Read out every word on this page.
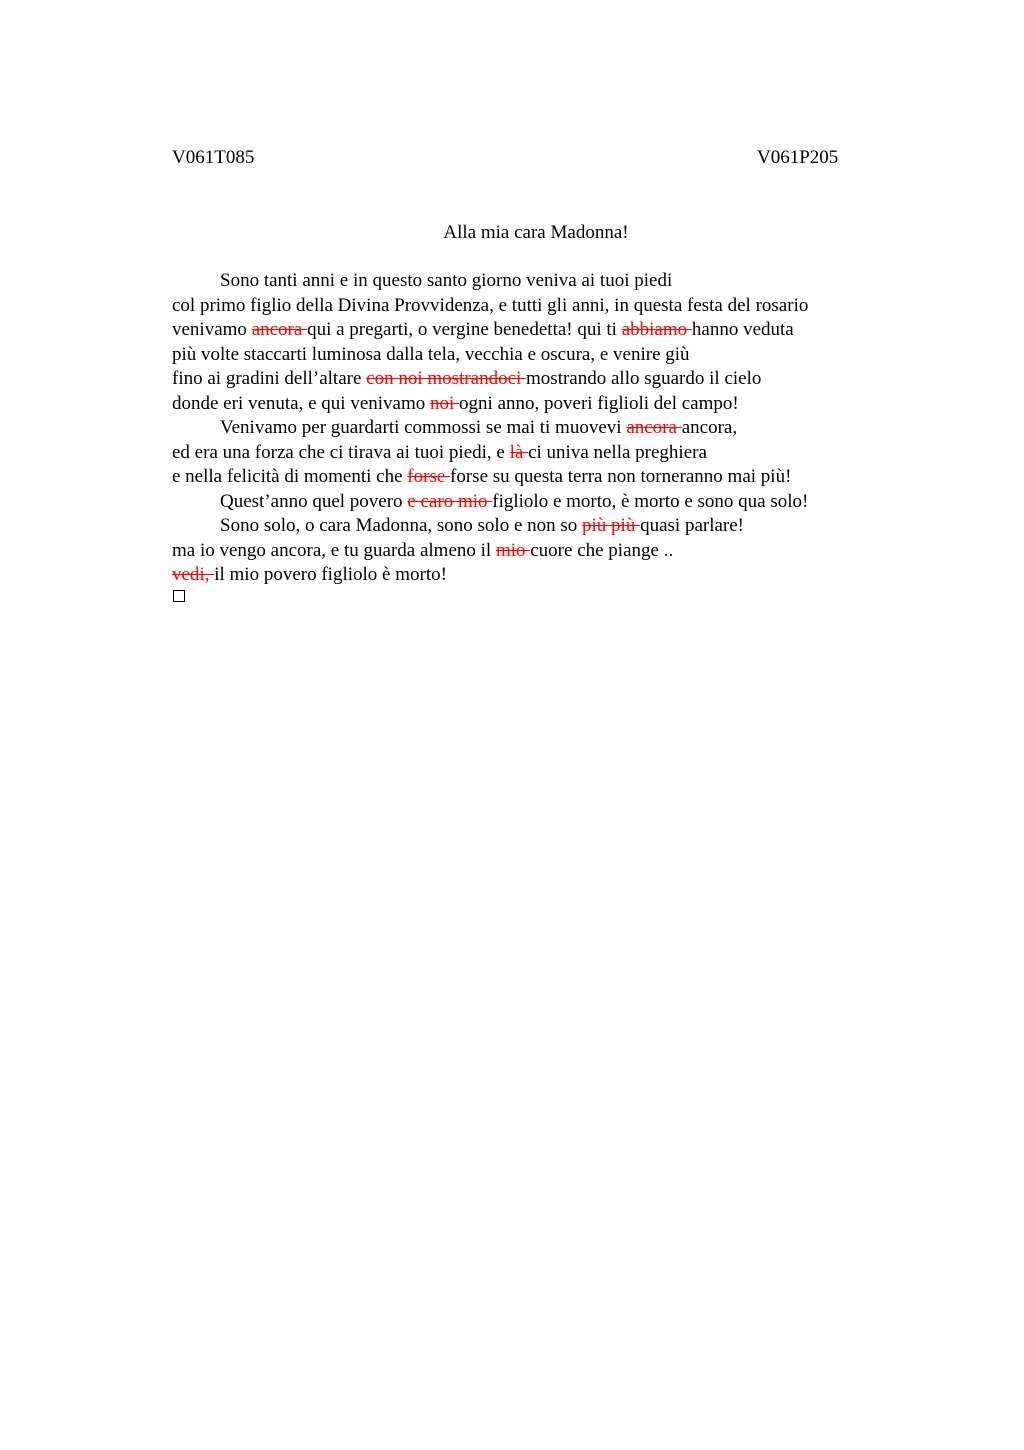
V061T085	V061P205
Alla mia cara Madonna!
Sono tanti anni e in questo santo giorno veniva ai tuoi piedi
col primo figlio della Divina Provvidenza, e tutti gli anni, in questa festa del rosario
venivamo ancora qui a pregarti, o vergine benedetta! qui ti abbiamo hanno veduta
più volte staccarti luminosa dalla tela, vecchia e oscura, e venire giù
fino ai gradini dell’altare con noi mostrandoci mostrando allo sguardo il cielo
donde eri venuta, e qui venivamo noi ogni anno, poveri figlioli del campo!
Venivamo per guardarti commossi se mai ti muovevi ancora ancora,
ed era una forza che ci tirava ai tuoi piedi, e là ci univa nella preghiera
e nella felicità di momenti che forse forse su questa terra non torneranno mai più!
Quest’anno quel povero e caro mio figliolo e morto, è morto e sono qua solo!
Sono solo, o cara Madonna, sono solo e non so più più quasi parlare!
ma io vengo ancora, e tu guarda almeno il mio cuore che piange ..
vedi, il mio povero figliolo è morto!
